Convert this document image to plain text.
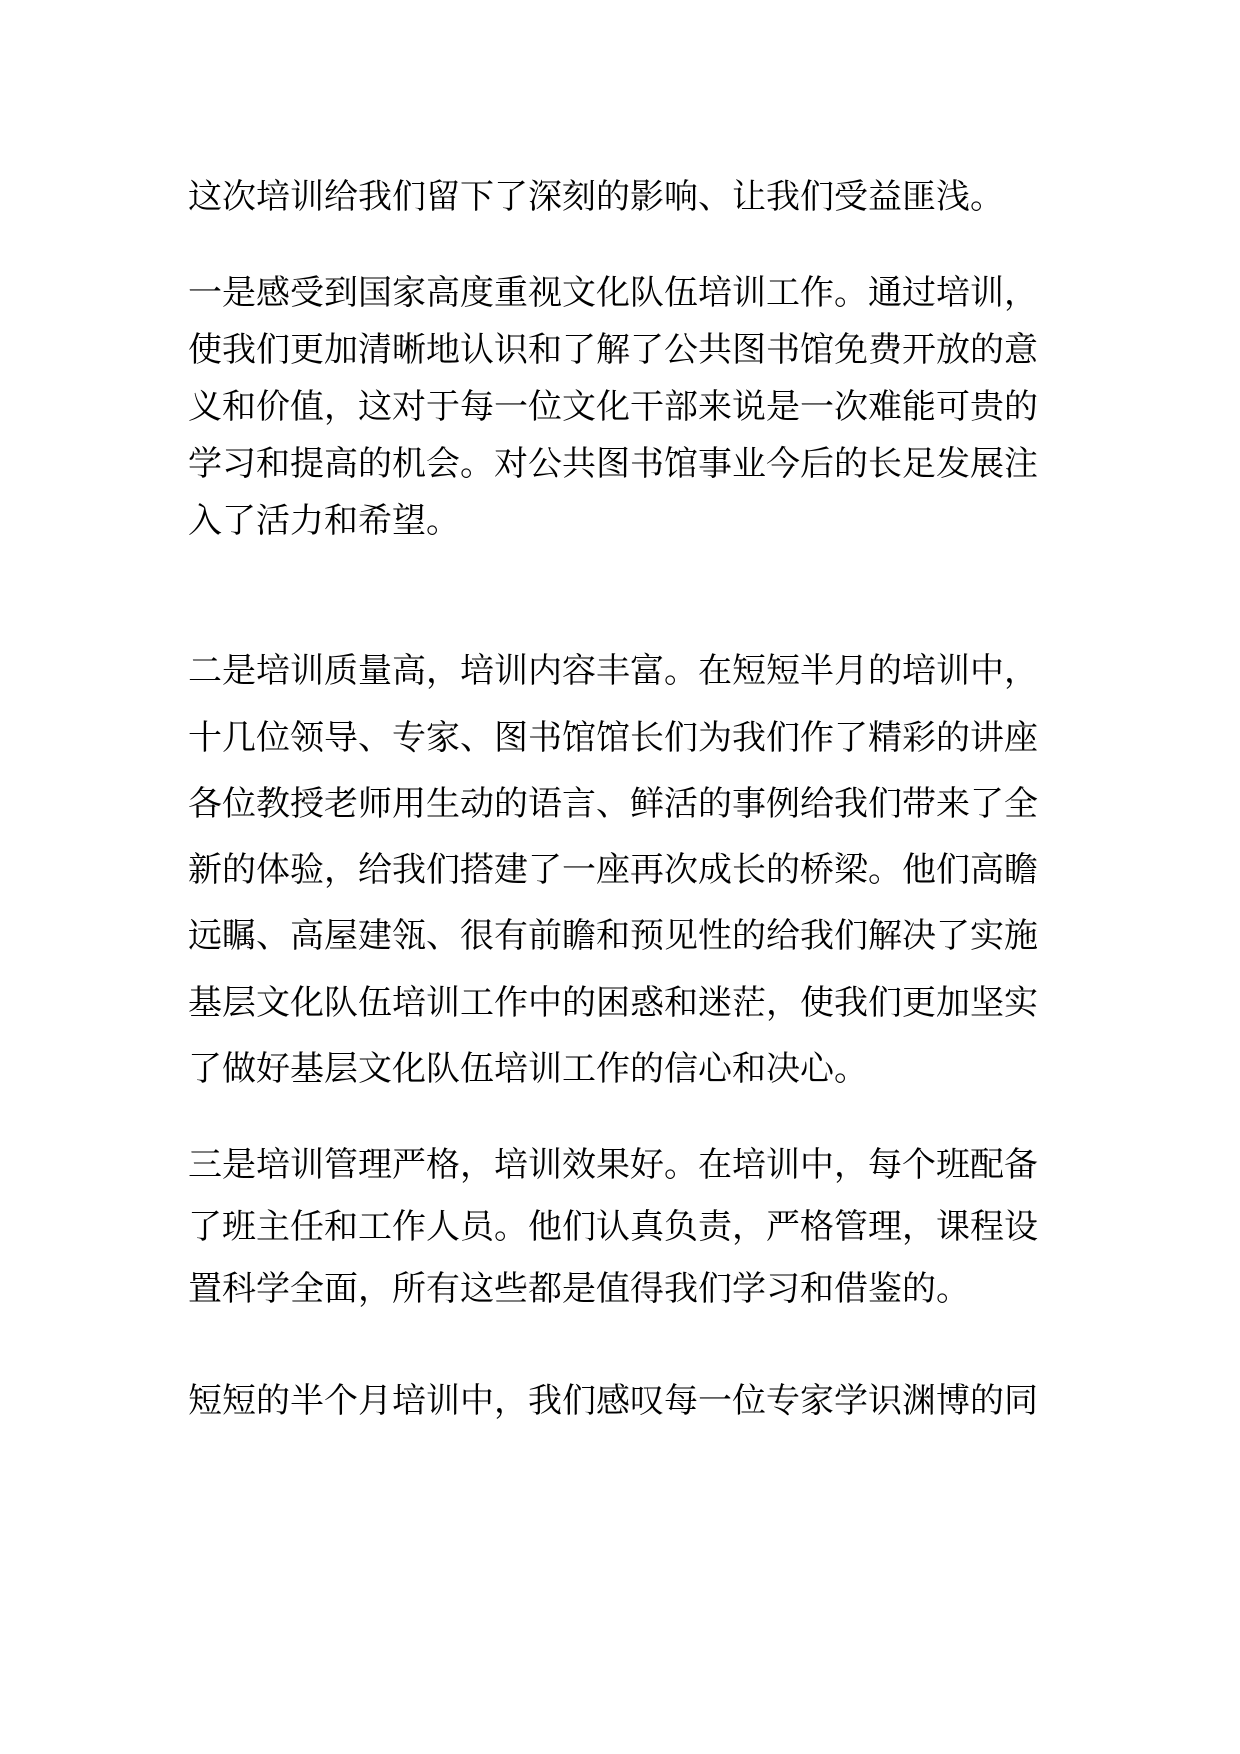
这次培训给我们留下了深刻的影响、让我们受益匪浅。
一是感受到国家高度重视文化队伍培训工作。通过培训，
使我们更加清晰地认识和了解了公共图书馆免费开放的意
义和价值，这对于每一位文化干部来说是一次难能可贵的
学习和提高的机会。对公共图书馆事业今后的长足发展注
入了活力和希望。
二是培训质量高，培训内容丰富。在短短半月的培训中，
十几位领导、专家、图书馆馆长们为我们作了精彩的讲座
各位教授老师用生动的语言、鲜活的事例给我们带来了全
新的体验，给我们搭建了一座再次成长的桥梁。他们高瞻
远瞩、高屋建瓴、很有前瞻和预见性的给我们解决了实施
基层文化队伍培训工作中的困惑和迷茫，使我们更加坚实
了做好基层文化队伍培训工作的信心和决心。
三是培训管理严格，培训效果好。在培训中，每个班配备
了班主任和工作人员。他们认真负责，严格管理，课程设
置科学全面，所有这些都是值得我们学习和借鉴的。
短短的半个月培训中，我们感叹每一位专家学识渊博的同
